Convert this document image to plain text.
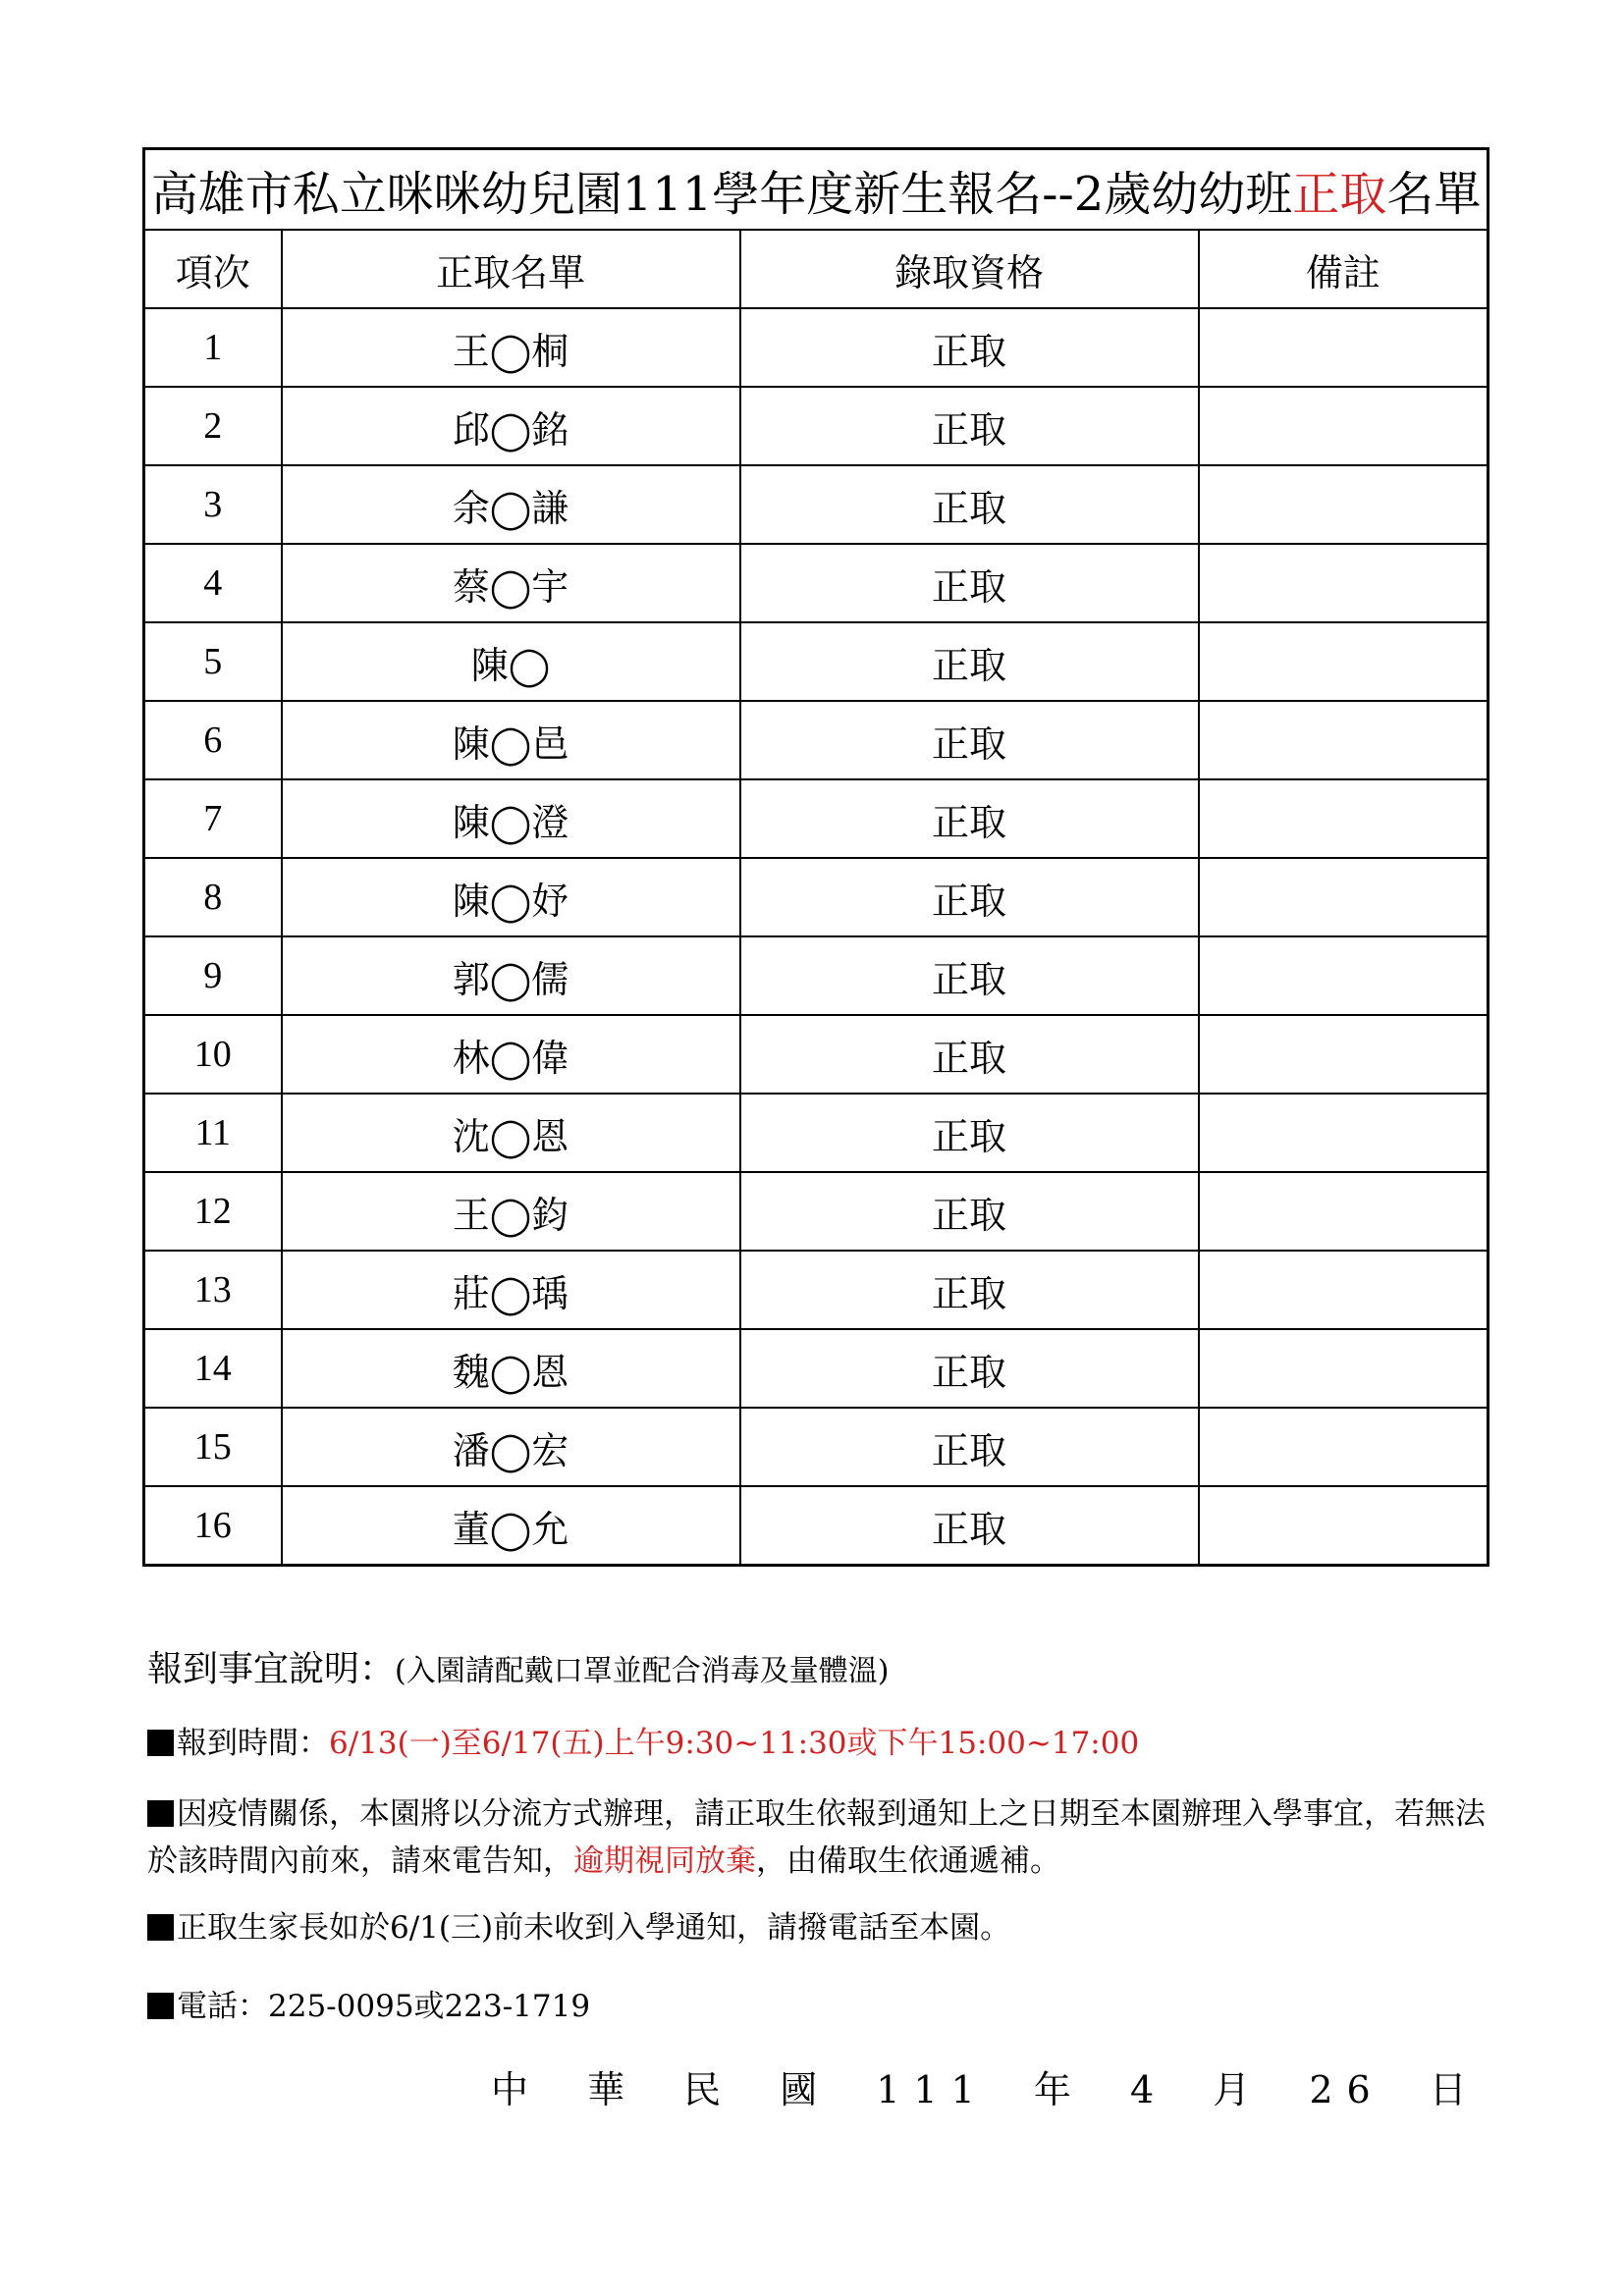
高雄市私立咪咪幼兒園111學年度新生報名--2歲幼幼班正取名單			
項次	正取名單	錄取資格	備註
1	王◯桐	正取	
2	邱◯銘	正取	
3	余◯謙	正取	
4	蔡◯宇	正取	
5	陳◯	正取	
6	陳◯邑	正取	
7	陳◯澄	正取	
8	陳◯妤	正取	
9	郭◯儒	正取	
10	林◯偉	正取	
11	沈◯恩	正取	
12	王◯鈞	正取	
13	莊◯瑀	正取	
14	魏◯恩	正取	
15	潘◯宏	正取	
16	董◯允	正取	
報到事宜說明：(入園請配戴口罩並配合消毒及量體溫)
報到時間：6/13(一)至6/17(五)上午9:30~11:30或下午15:00~17:00
因疫情關係，本園將以分流方式辦理，請正取生依報到通知上之日期至本園辦理入學事宜，若無法於該時間內前來，請來電告知，逾期視同放棄，由備取生依通遞補。
正取生家長如於6/1(三)前未收到入學通知，請撥電話至本園。
電話：225-0095或223-1719
中 華 民 國 111 年 4 月 26 日
